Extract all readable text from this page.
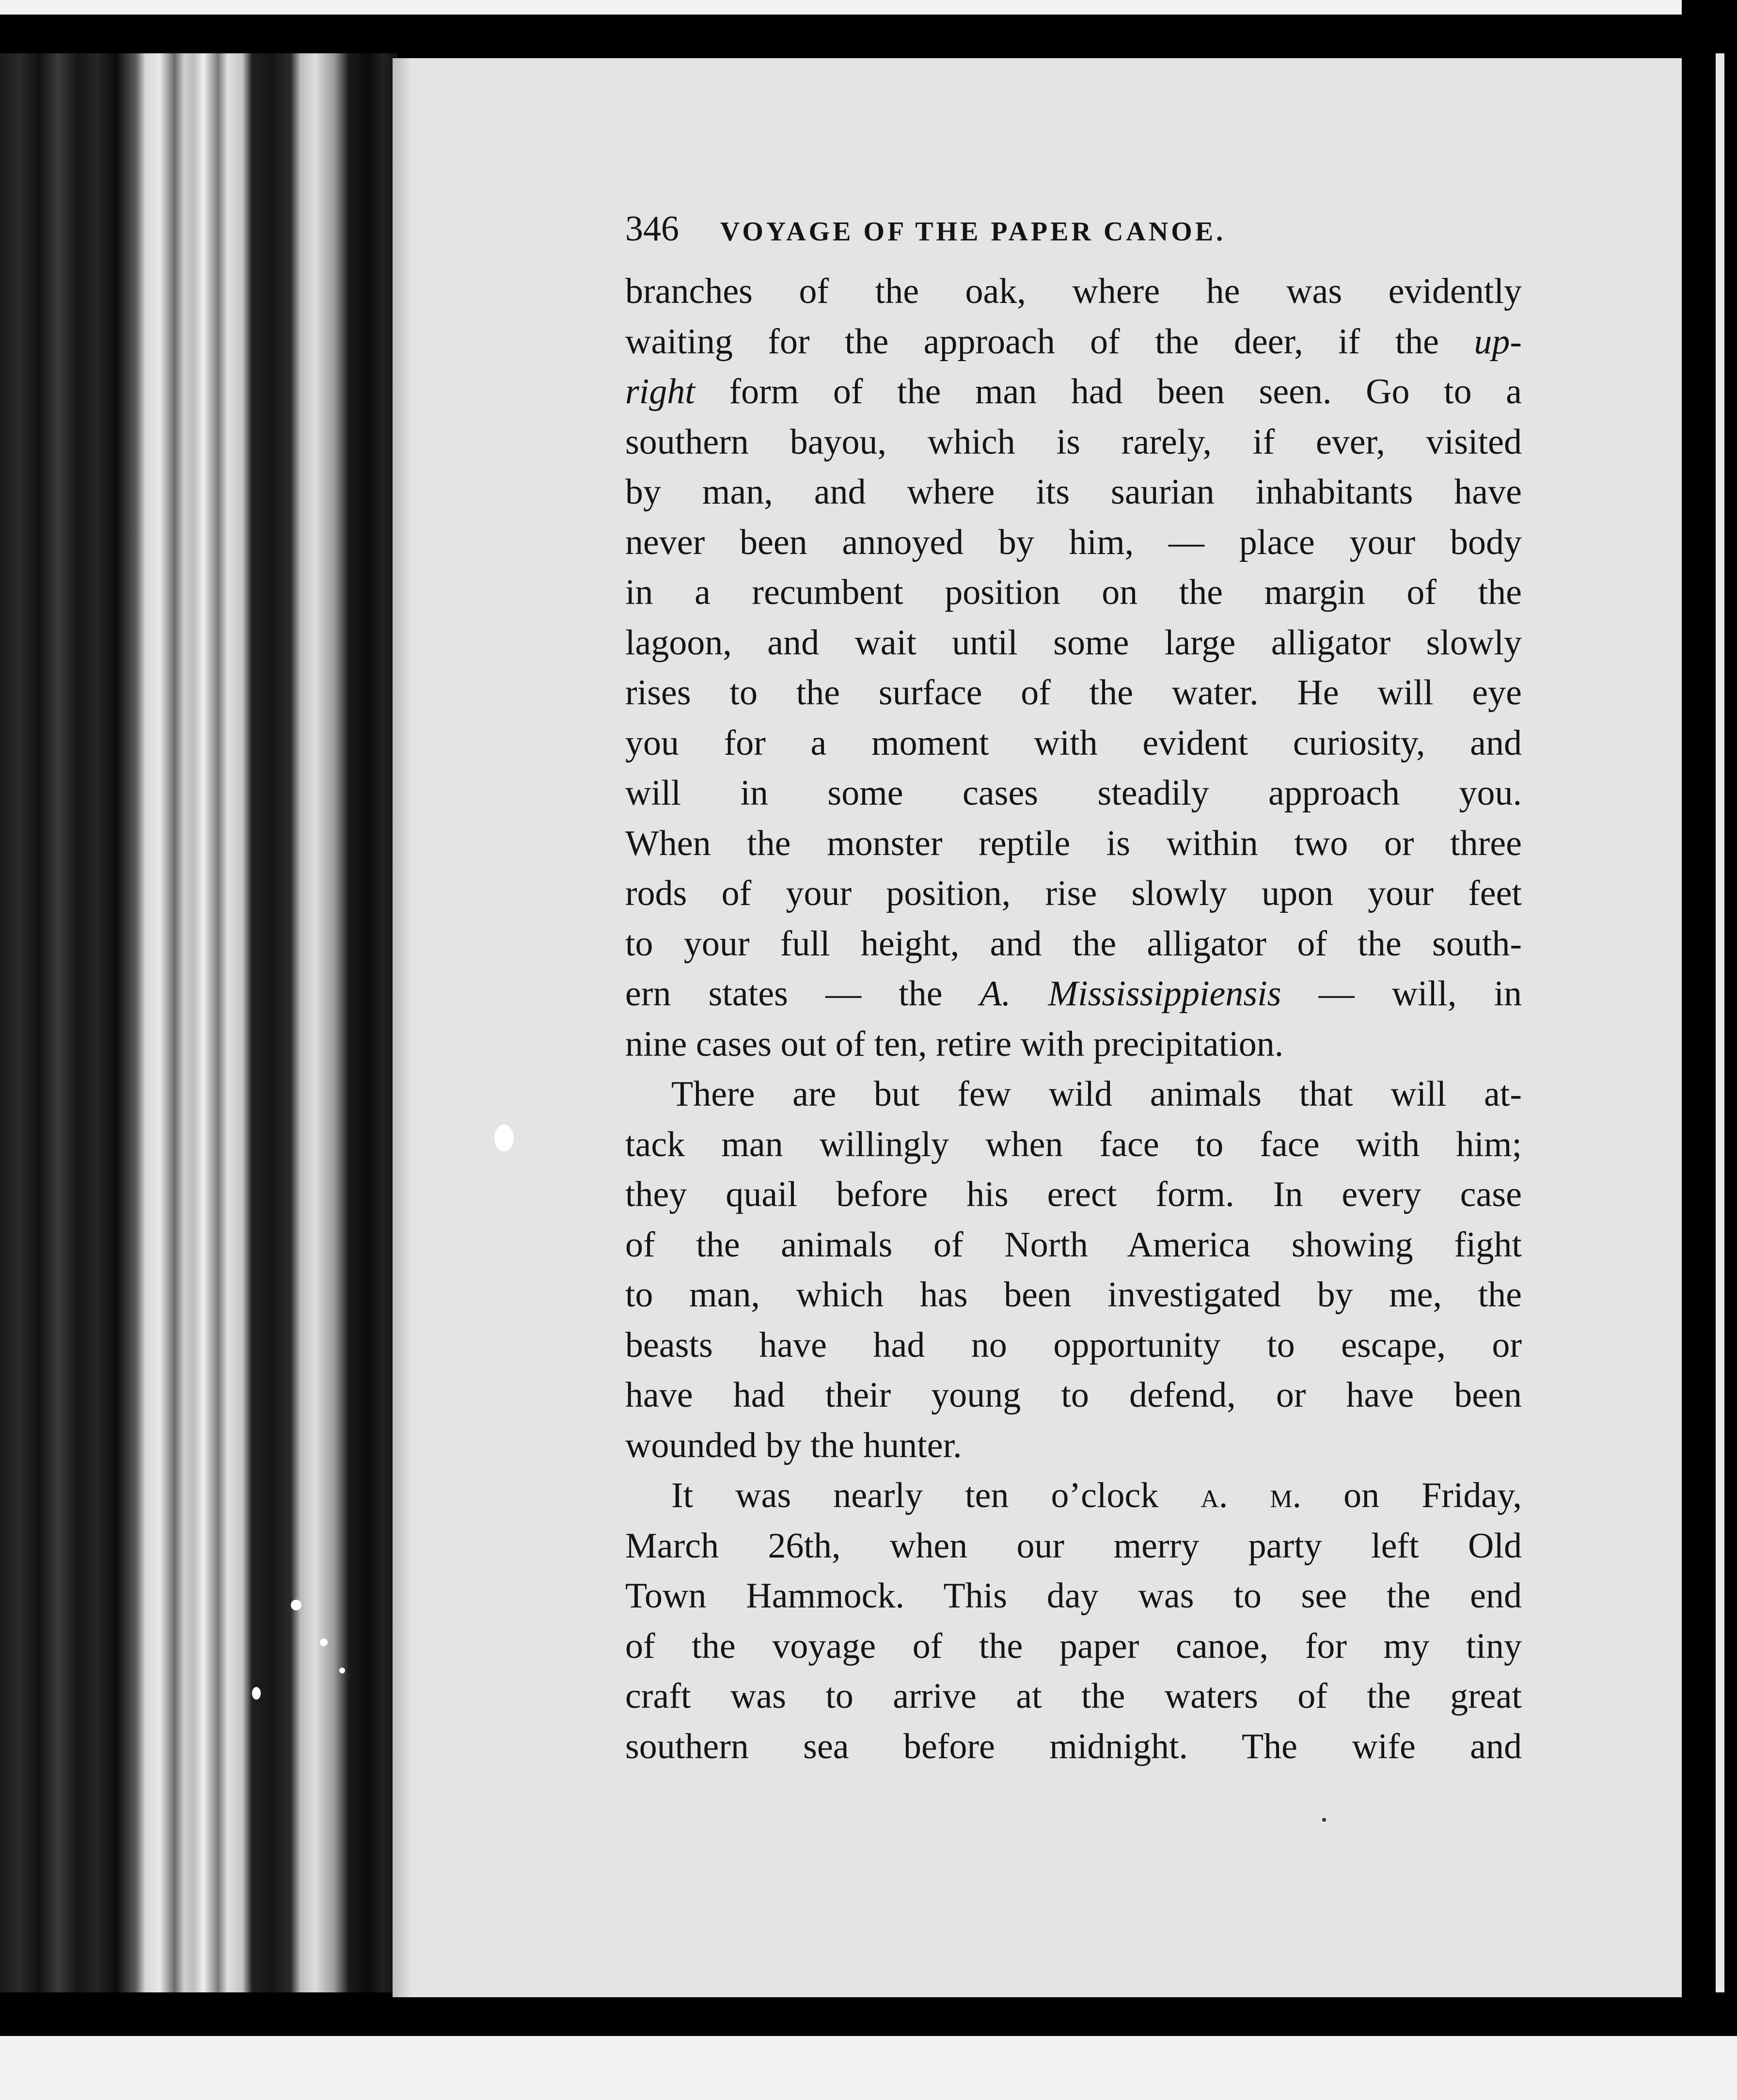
346 VOYAGE OF THE PAPER CANOE.
branches of the oak, where he was evidently
waiting for the approach of the deer, if the up-
right form of the man had been seen. Go to a
southern bayou, which is rarely, if ever, visited
by man, and where its saurian inhabitants have
never been annoyed by him, — place your body
in a recumbent position on the margin of the
lagoon, and wait until some large alligator slowly
rises to the surface of the water. He will eye
you for a moment with evident curiosity, and
will in some cases steadily approach you.
When the monster reptile is within two or three
rods of your position, rise slowly upon your feet
to your full height, and the alligator of the south-
ern states — the A. Mississippiensis — will, in
nine cases out of ten, retire with precipitation.
There are but few wild animals that will at-
tack man willingly when face to face with him;
they quail before his erect form. In every case
of the animals of North America showing fight
to man, which has been investigated by me, the
beasts have had no opportunity to escape, or
have had their young to defend, or have been
wounded by the hunter.
It was nearly ten o’clock a. m. on Friday,
March 26th, when our merry party left Old
Town Hammock. This day was to see the end
of the voyage of the paper canoe, for my tiny
craft was to arrive at the waters of the great
southern sea before midnight. The wife and
